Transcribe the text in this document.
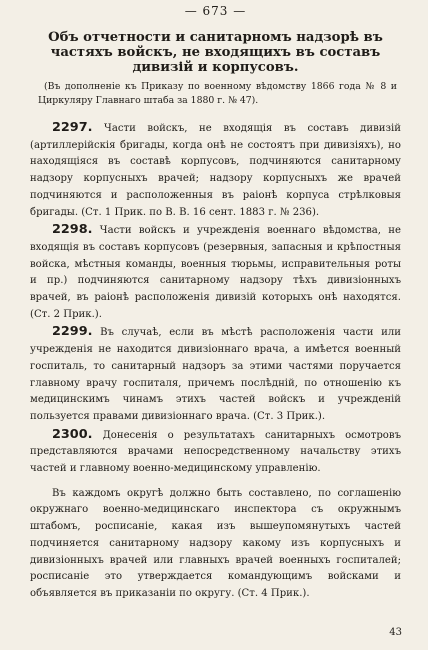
— 673 —
Объ отчетности и санитарномъ надзорѣ въ частяхъ войскъ, не входящихъ въ составъ дивизій и корпусовъ.
(Въ дополненіе къ Приказу по военному вѣдомству 1866 года № 8 и Циркуляру Главнаго штаба за 1880 г. № 47).

2297. Части войскъ, не входящія въ составъ дивизій (артиллерійскія бригады, когда онѣ не состоятъ при дивизіяхъ), но находящіяся въ составѣ корпусовъ, подчиняются санитарному надзору корпусныхъ врачей; надзору корпусныхъ же врачей подчиняются и расположенныя въ раіонѣ корпуса стрѣлковыя бригады. (Ст. 1 Прик. по В. В. 16 сент. 1883 г. № 236).

2298. Части войскъ и учрежденія военнаго вѣдомства, не входящія въ составъ корпусовъ (резервныя, запасныя и крѣпостныя войска, мѣстныя команды, военныя тюрьмы, исправительныя роты и пр.) подчиняются санитарному надзору тѣхъ дивизіонныхъ врачей, въ раіонѣ расположенія дивизій которыхъ онѣ находятся. (Ст. 2 Прик.).

2299. Въ случаѣ, если въ мѣстѣ расположенія части или учрежденія не находится дивизіоннаго врача, а имѣется военный госпиталь, то санитарный надзоръ за этими частями поручается главному врачу госпиталя, причемъ послѣдній, по отношенію къ медицинскимъ чинамъ этихъ частей войскъ и учрежденій пользуется правами дивизіоннаго врача. (Ст. 3 Прик.).

2300. Донесенія о результатахъ санитарныхъ осмотровъ представляются врачами непосредственному начальству этихъ частей и главному военно-медицинскому управленію.

Въ каждомъ округѣ должно быть составлено, по соглашенію окружнаго военно-медицинскаго инспектора съ окружнымъ штабомъ, росписаніе, какая изъ вышеупомянутыхъ частей подчиняется санитарному надзору какому изъ корпусныхъ и дивизіонныхъ врачей или главныхъ врачей военныхъ госпиталей; росписаніе это утверждается командующимъ войсками и объявляется въ приказаніи по округу. (Ст. 4 Прик.).

43
